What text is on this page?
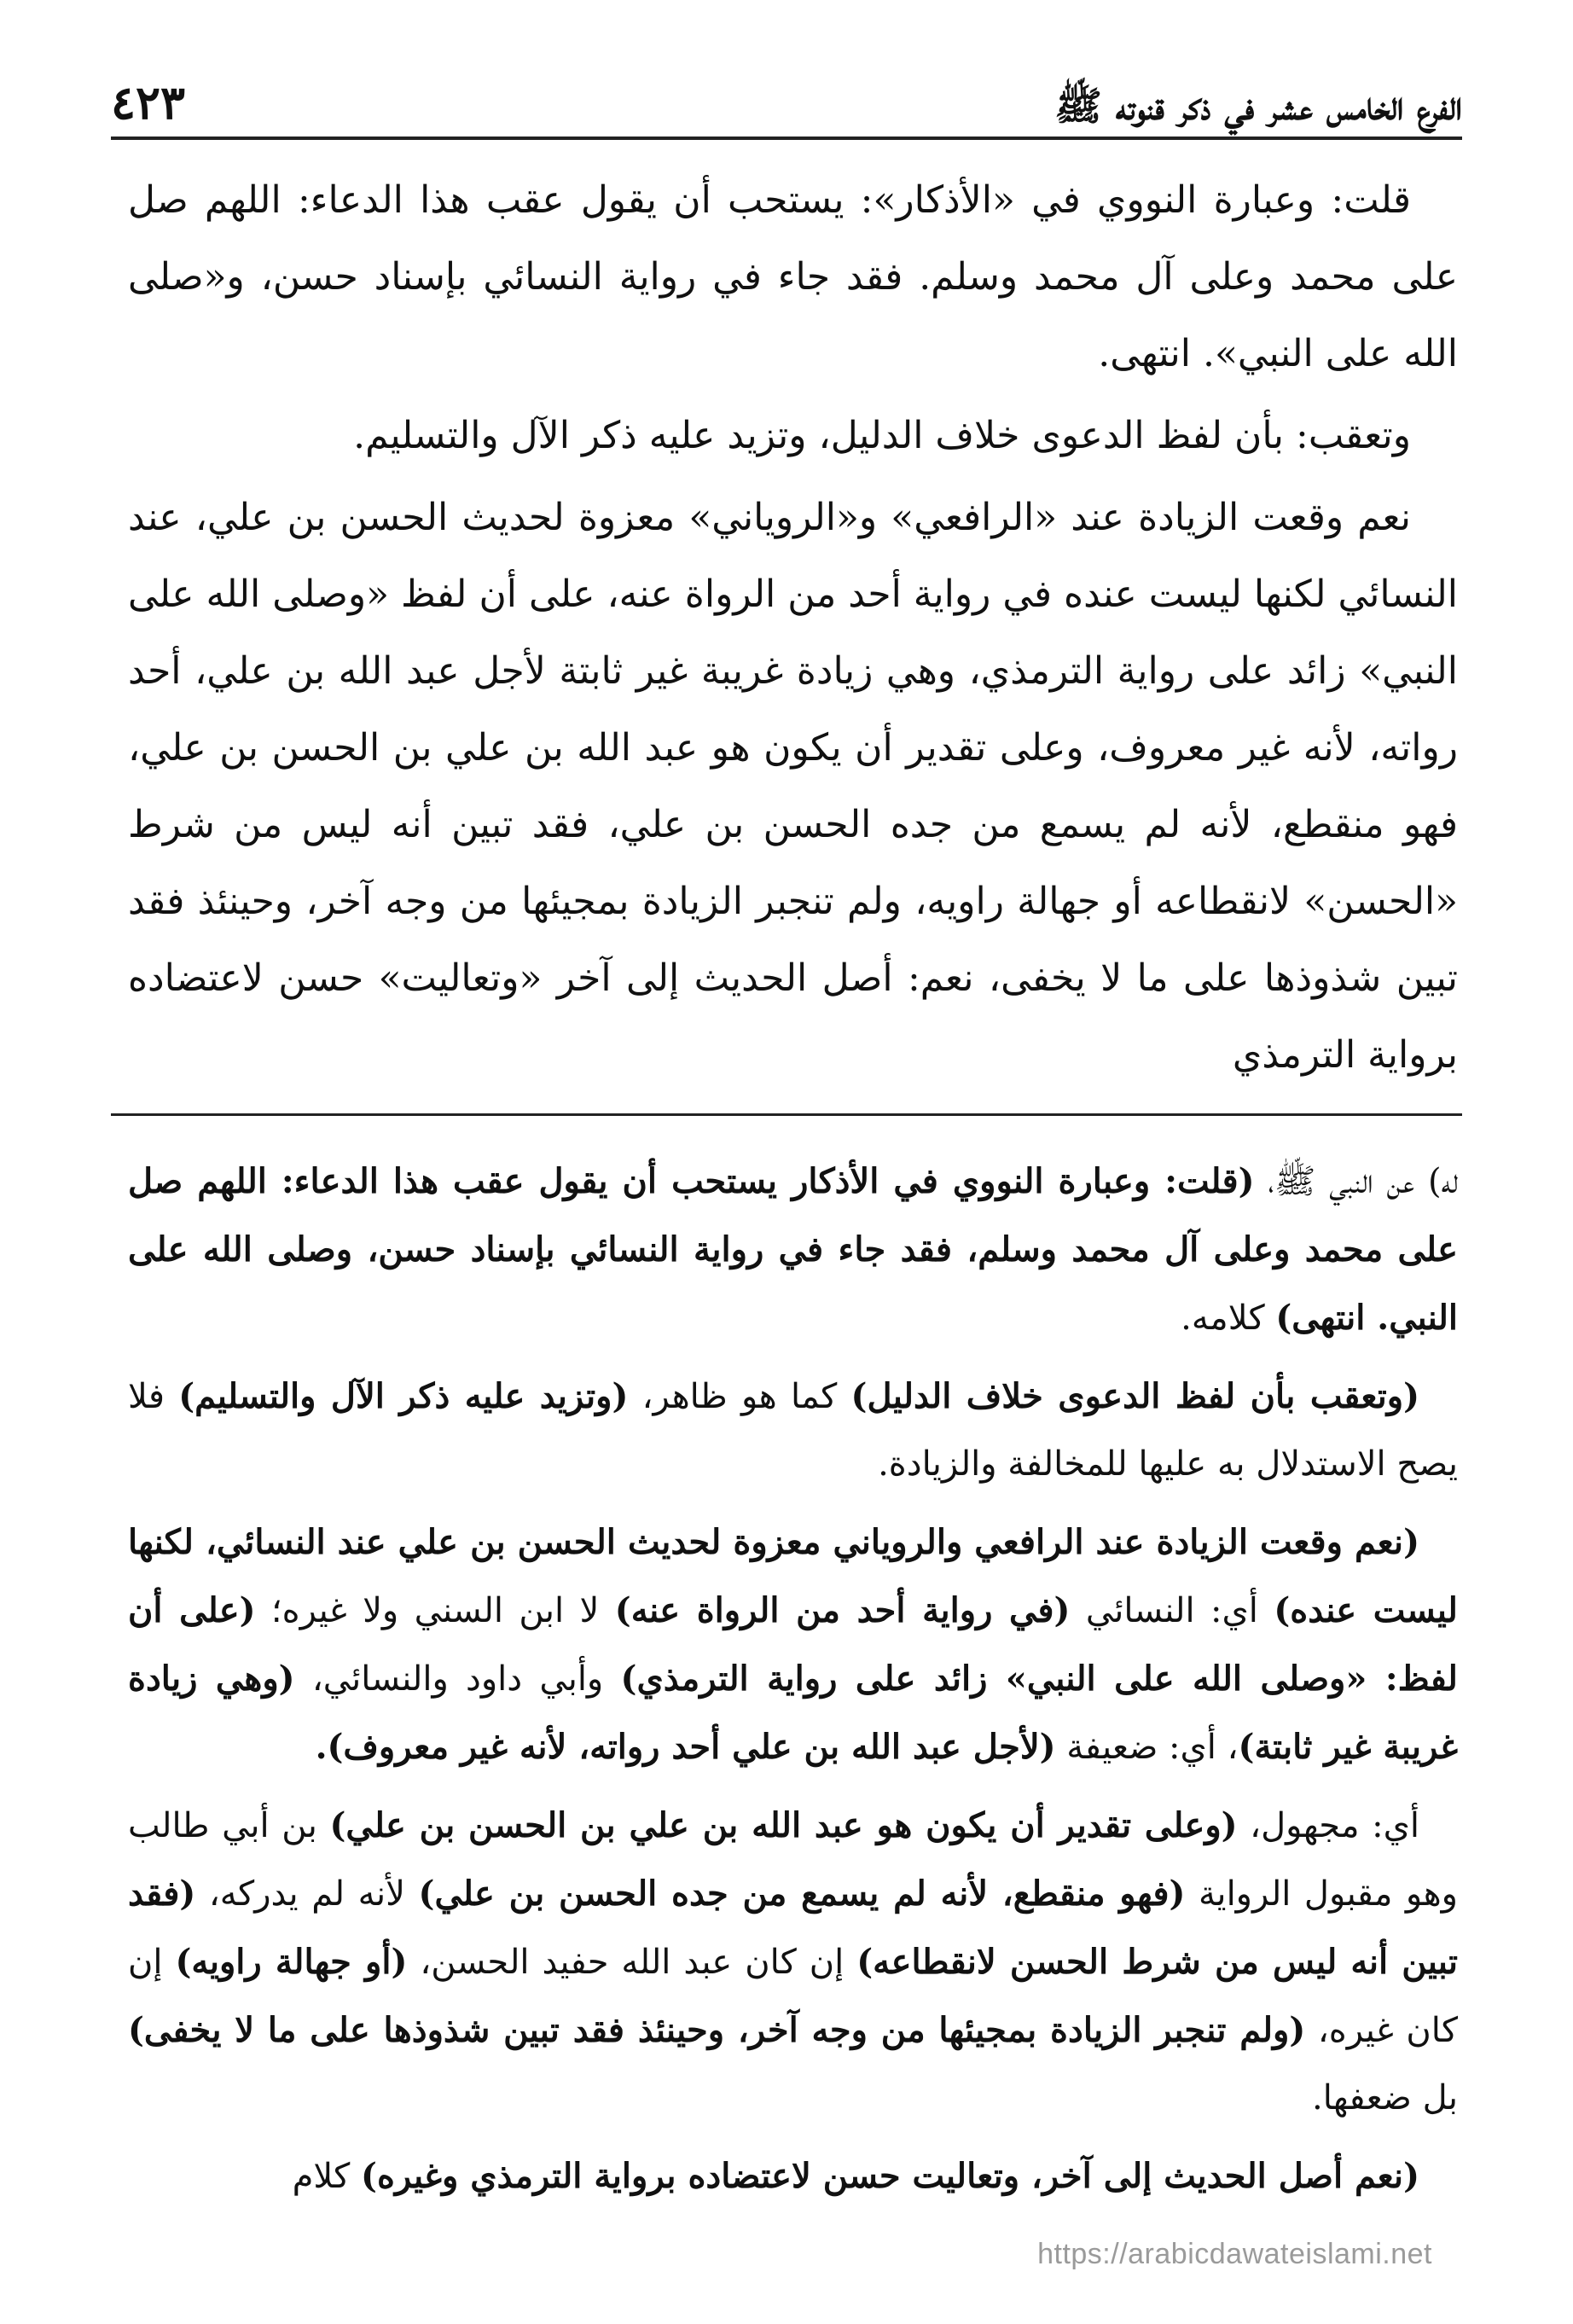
الفرع الخامس عشر في ذكر قنوته ﷺ
٤٢٣

قلت: وعبارة النووي في «الأذكار»: يستحب أن يقول عقب هذا الدعاء: اللهم صل على محمد وعلى آل محمد وسلم. فقد جاء في رواية النسائي بإسناد حسن، و«صلى الله على النبي». انتهى.

وتعقب: بأن لفظ الدعوى خلاف الدليل، وتزيد عليه ذكر الآل والتسليم.

نعم وقعت الزيادة عند «الرافعي» و«الروياني» معزوة لحديث الحسن بن علي، عند النسائي لكنها ليست عنده في رواية أحد من الرواة عنه، على أن لفظ «وصلى الله على النبي» زائد على رواية الترمذي، وهي زيادة غريبة غير ثابتة لأجل عبد الله بن علي، أحد رواته، لأنه غير معروف، وعلى تقدير أن يكون هو عبد الله بن علي بن الحسن بن علي، فهو منقطع، لأنه لم يسمع من جده الحسن بن علي، فقد تبين أنه ليس من شرط «الحسن» لانقطاعه أو جهالة راويه، ولم تنجبر الزيادة بمجيئها من وجه آخر، وحينئذ فقد تبين شذوذها على ما لا يخفى، نعم: أصل الحديث إلى آخر «وتعاليت» حسن لاعتضاده برواية الترمذي

له) عن النبي ﷺ، (قلت: وعبارة النووي في الأذكار يستحب أن يقول عقب هذا الدعاء: اللهم صل على محمد وعلى آل محمد وسلم، فقد جاء في رواية النسائي بإسناد حسن، وصلى الله على النبي. انتهى) كلامه.

(وتعقب بأن لفظ الدعوى خلاف الدليل) كما هو ظاهر، (وتزيد عليه ذكر الآل والتسليم) فلا يصح الاستدلال به عليها للمخالفة والزيادة.

(نعم وقعت الزيادة عند الرافعي والروياني معزوة لحديث الحسن بن علي عند النسائي، لكنها ليست عنده) أي: النسائي (في رواية أحد من الرواة عنه) لا ابن السني ولا غيره؛ (على أن لفظ: «وصلى الله على النبي» زائد على رواية الترمذي) وأبي داود والنسائي، (وهي زيادة غريبة غير ثابتة)، أي: ضعيفة (لأجل عبد الله بن علي أحد رواته، لأنه غير معروف).

أي: مجهول، (وعلى تقدير أن يكون هو عبد الله بن علي بن الحسن بن علي) بن أبي طالب وهو مقبول الرواية (فهو منقطع، لأنه لم يسمع من جده الحسن بن علي) لأنه لم يدركه، (فقد تبين أنه ليس من شرط الحسن لانقطاعه) إن كان عبد الله حفيد الحسن، (أو جهالة راويه) إن كان غيره، (ولم تنجبر الزيادة بمجيئها من وجه آخر، وحينئذ فقد تبين شذوذها على ما لا يخفى) بل ضعفها.

(نعم أصل الحديث إلى آخر، وتعاليت حسن لاعتضاده برواية الترمذي وغيره) كلام

https://arabicdawateislami.net
